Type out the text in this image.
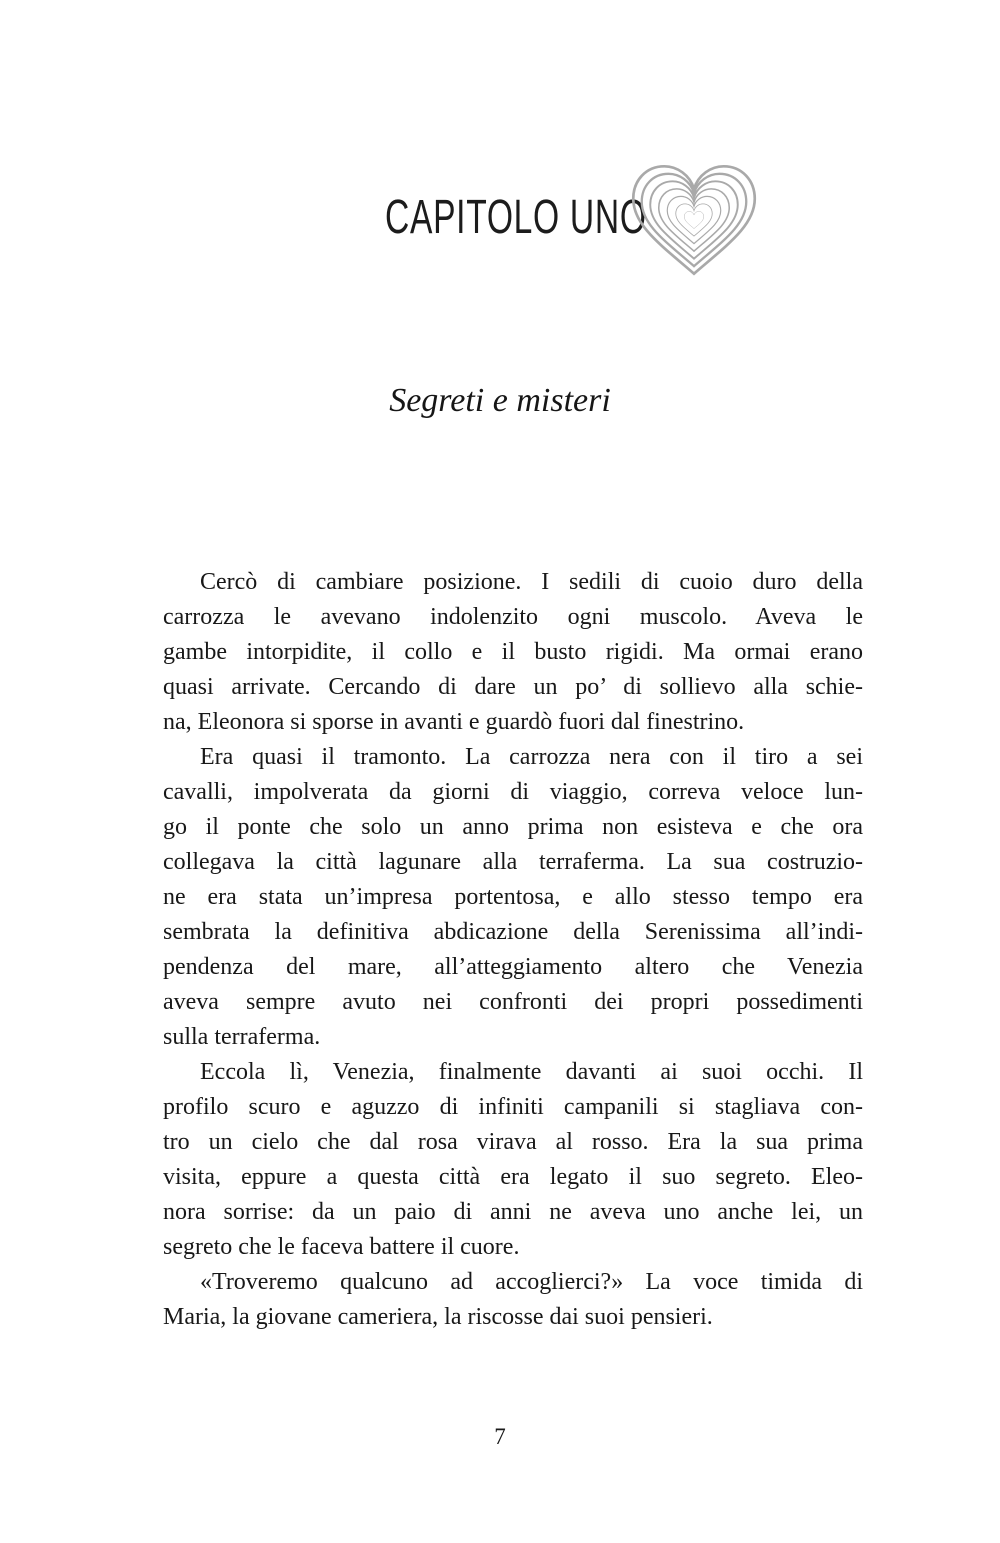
CAPITOLO UNO
Segreti e misteri

Cercò di cambiare posizione. I sedili di cuoio duro della
carrozza le avevano indolenzito ogni muscolo. Aveva le
gambe intorpidite, il collo e il busto rigidi. Ma ormai erano
quasi arrivate. Cercando di dare un po’ di sollievo alla schie-
na, Eleonora si sporse in avanti e guardò fuori dal finestrino.

Era quasi il tramonto. La carrozza nera con il tiro a sei
cavalli, impolverata da giorni di viaggio, correva veloce lun-
go il ponte che solo un anno prima non esisteva e che ora
collegava la città lagunare alla terraferma. La sua costruzio-
ne era stata un’impresa portentosa, e allo stesso tempo era
sembrata la definitiva abdicazione della Serenissima all’indi-
pendenza del mare, all’atteggiamento altero che Venezia
aveva sempre avuto nei confronti dei propri possedimenti
sulla terraferma.

Eccola lì, Venezia, finalmente davanti ai suoi occhi. Il
profilo scuro e aguzzo di infiniti campanili si stagliava con-
tro un cielo che dal rosa virava al rosso. Era la sua prima
visita, eppure a questa città era legato il suo segreto. Eleo-
nora sorrise: da un paio di anni ne aveva uno anche lei, un
segreto che le faceva battere il cuore.

«Troveremo qualcuno ad accoglierci?» La voce timida di
Maria, la giovane cameriera, la riscosse dai suoi pensieri.

7
